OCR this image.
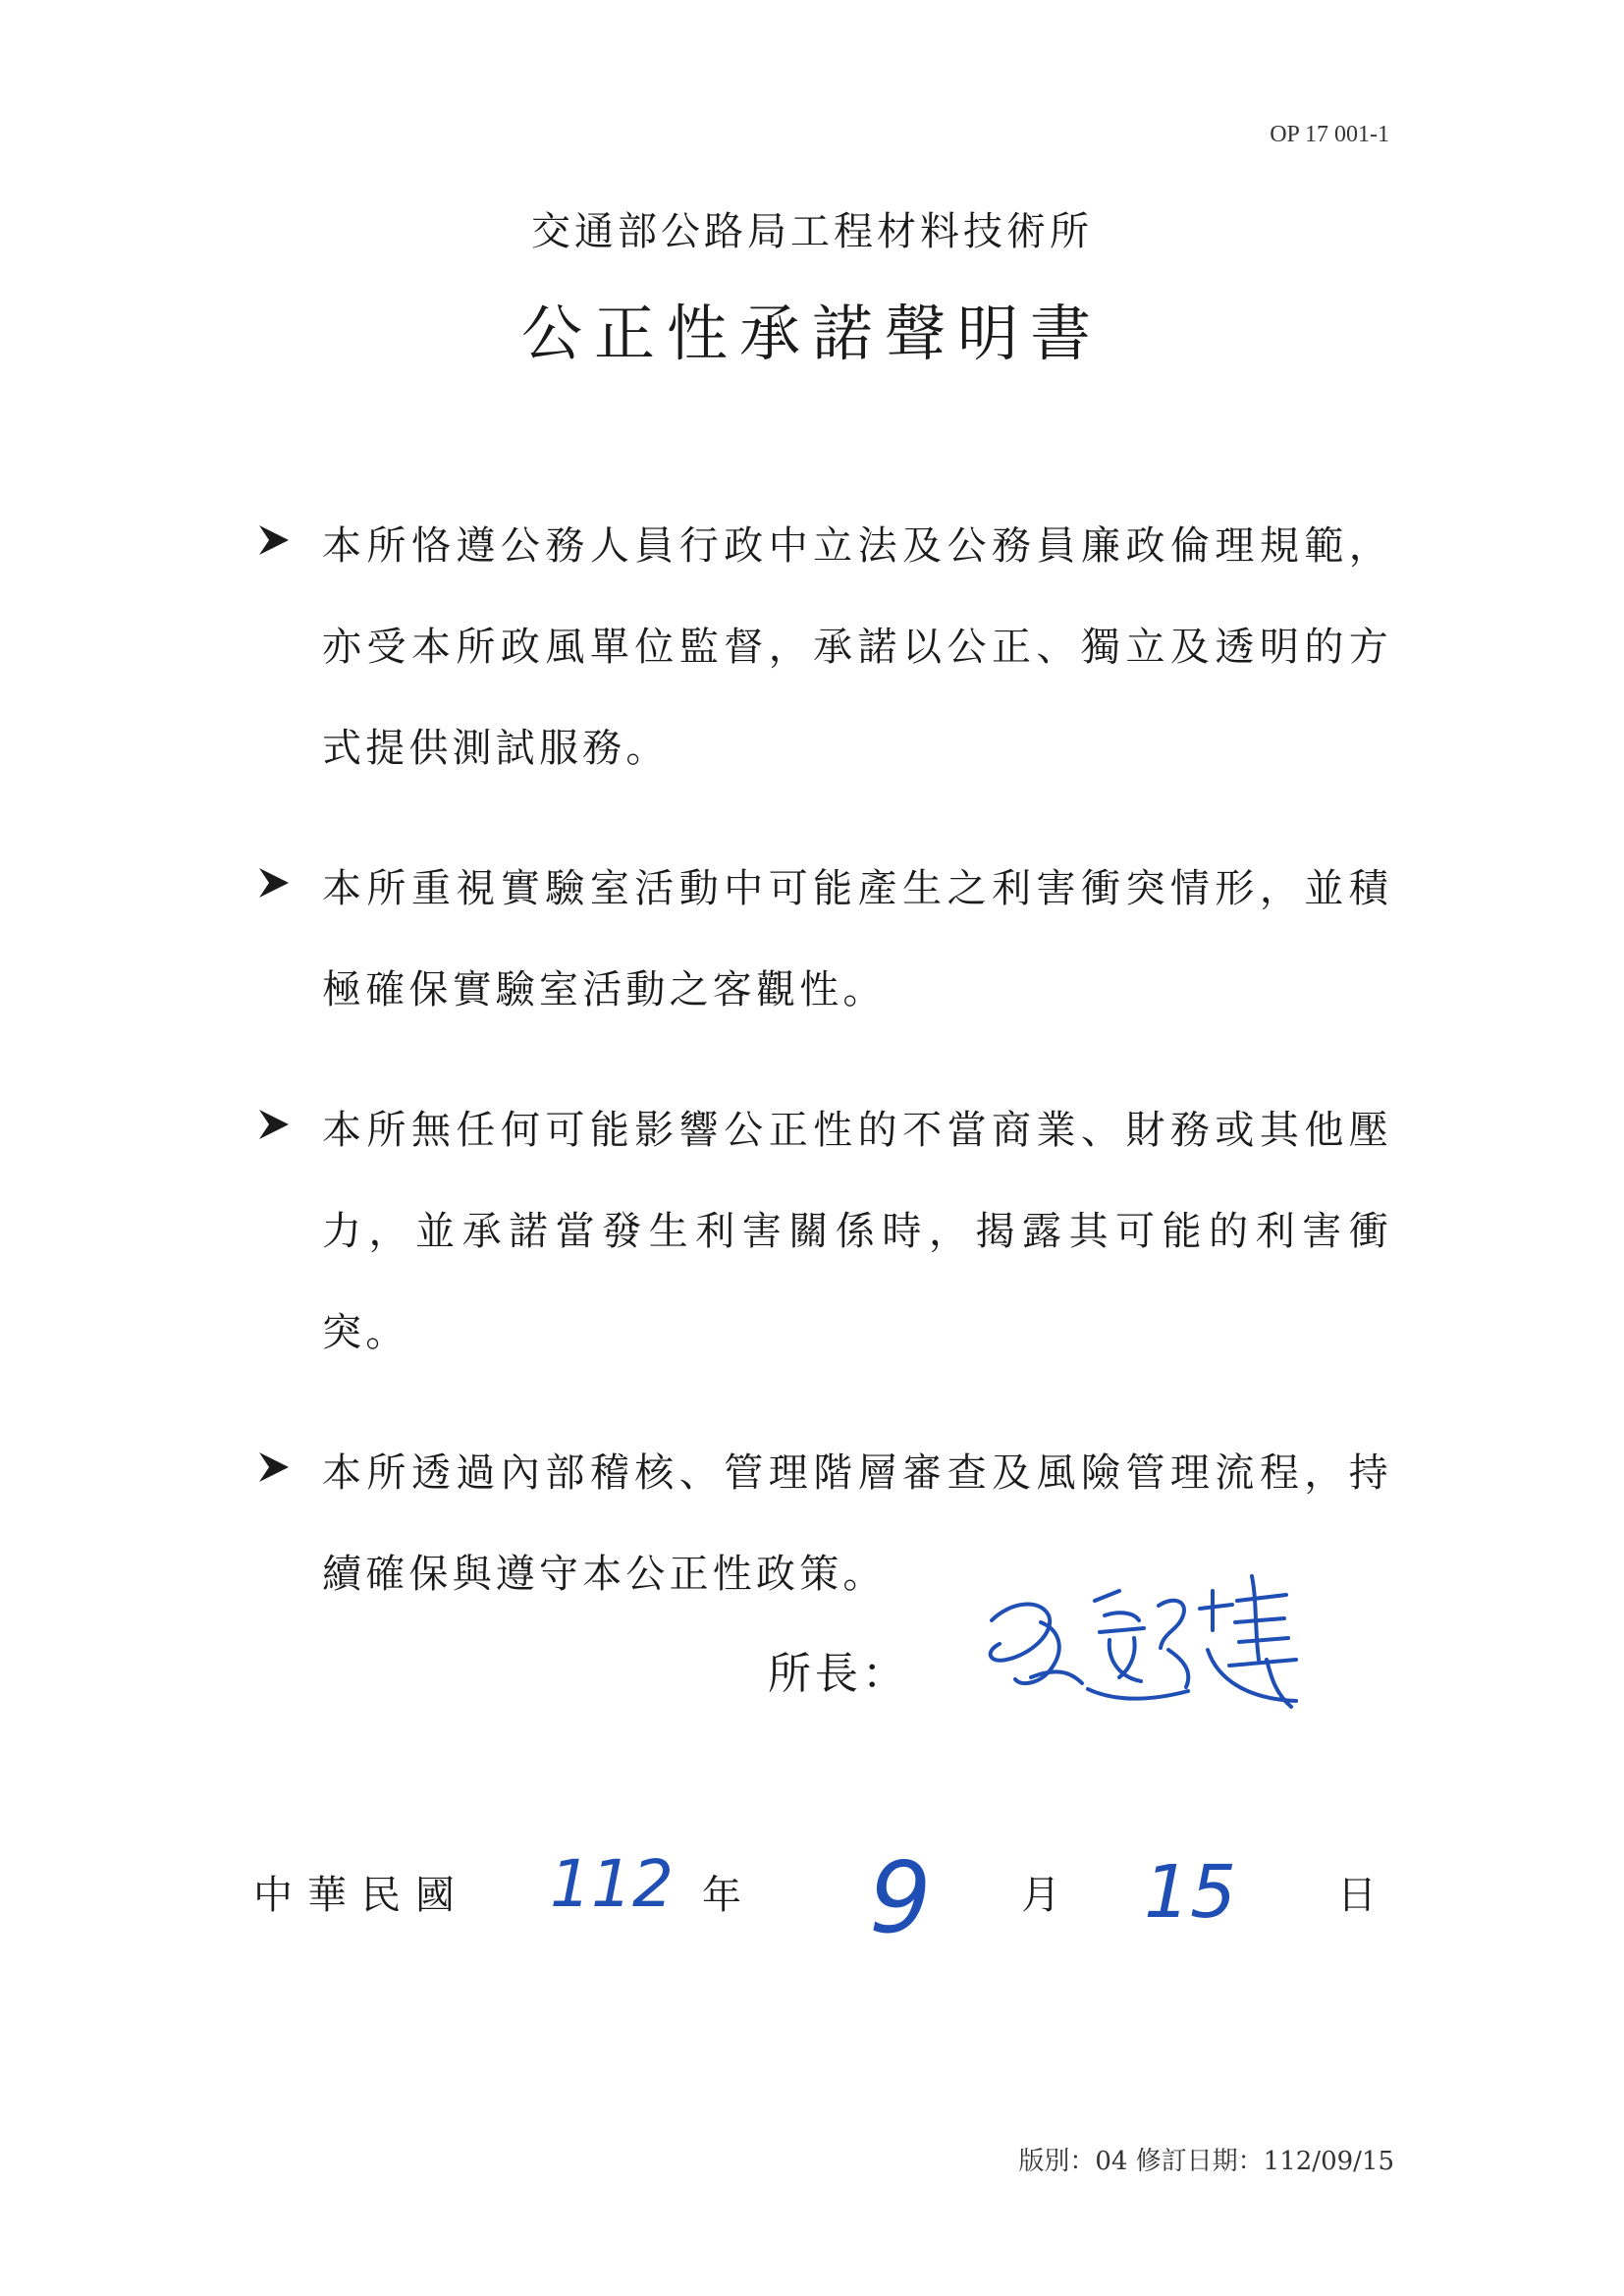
OP 17 001-1
交通部公路局工程材料技術所
公正性承諾聲明書
本所恪遵公務人員行政中立法及公務員廉政倫理規範，亦受本所政風單位監督，承諾以公正、獨立及透明的方式提供測試服務。
本所重視實驗室活動中可能產生之利害衝突情形，並積極確保實驗室活動之客觀性。
本所無任何可能影響公正性的不當商業、財務或其他壓力，並承諾當發生利害關係時，揭露其可能的利害衝突。
本所透過內部稽核、管理階層審查及風險管理流程，持續確保與遵守本公正性政策。
所長：
中華民國 112 年 9 月 15	日
版別：04 修訂日期：112/09/15
